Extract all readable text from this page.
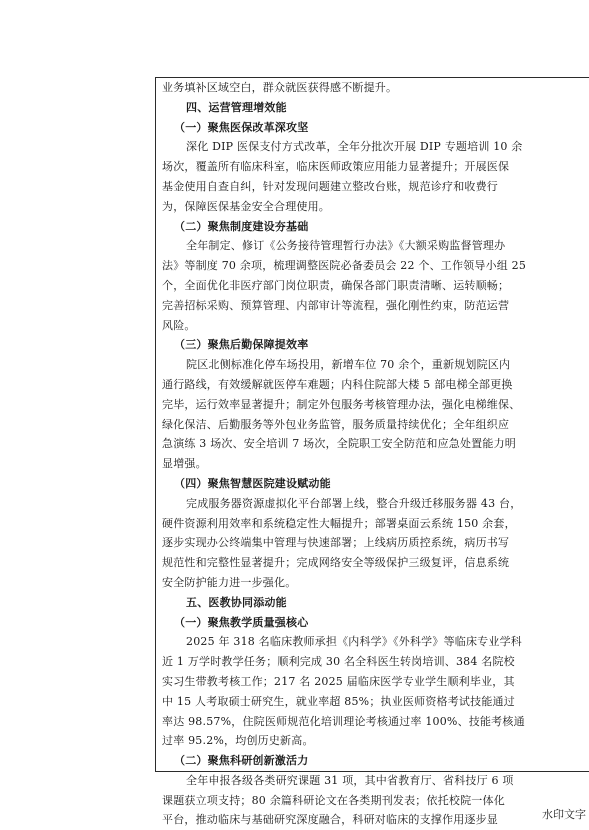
业务填补区域空白，群众就医获得感不断提升。
四、运营管理增效能
（一）聚焦医保改革深攻坚
深化 DIP 医保支付方式改革，全年分批次开展 DIP 专题培训 10 余
场次，覆盖所有临床科室，临床医师政策应用能力显著提升；开展医保
基金使用自查自纠，针对发现问题建立整改台账，规范诊疗和收费行
为，保障医保基金安全合理使用。
（二）聚焦制度建设夯基础
全年制定、修订《公务接待管理暂行办法》《大额采购监督管理办
法》等制度 70 余项，梳理调整医院必备委员会 22 个、工作领导小组 25
个，全面优化非医疗部门岗位职责，确保各部门职责清晰、运转顺畅；
完善招标采购、预算管理、内部审计等流程，强化刚性约束，防范运营
风险。
（三）聚焦后勤保障提效率
院区北侧标准化停车场投用，新增车位 70 余个，重新规划院区内
通行路线，有效缓解就医停车难题；内科住院部大楼 5 部电梯全部更换
完毕，运行效率显著提升；制定外包服务考核管理办法，强化电梯维保、
绿化保洁、后勤服务等外包业务监管，服务质量持续优化；全年组织应
急演练 3 场次、安全培训 7 场次，全院职工安全防范和应急处置能力明
显增强。
（四）聚焦智慧医院建设赋动能
完成服务器资源虚拟化平台部署上线，整合升级迁移服务器 43 台，
硬件资源利用效率和系统稳定性大幅提升；部署桌面云系统 150 余套，
逐步实现办公终端集中管理与快速部署；上线病历质控系统，病历书写
规范性和完整性显著提升；完成网络安全等级保护三级复评，信息系统
安全防护能力进一步强化。
五、医教协同添动能
（一）聚焦教学质量强核心
2025 年 318 名临床教师承担《内科学》《外科学》等临床专业学科
近 1 万学时教学任务；顺利完成 30 名全科医生转岗培训、384 名院校
实习生带教考核工作；217 名 2025 届临床医学专业学生顺利毕业，其
中 15 人考取硕士研究生，就业率超 85%；执业医师资格考试技能通过
率达 98.57%，住院医师规范化培训理论考核通过率 100%、技能考核通
过率 95.2%，均创历史新高。
（二）聚焦科研创新激活力
全年申报各级各类研究课题 31 项，其中省教育厅、省科技厅 6 项
课题获立项支持；80 余篇科研论文在各类期刊发表；依托校院一体化
平台，推动临床与基础研究深度融合，科研对临床的支撑作用逐步显	水印文字
